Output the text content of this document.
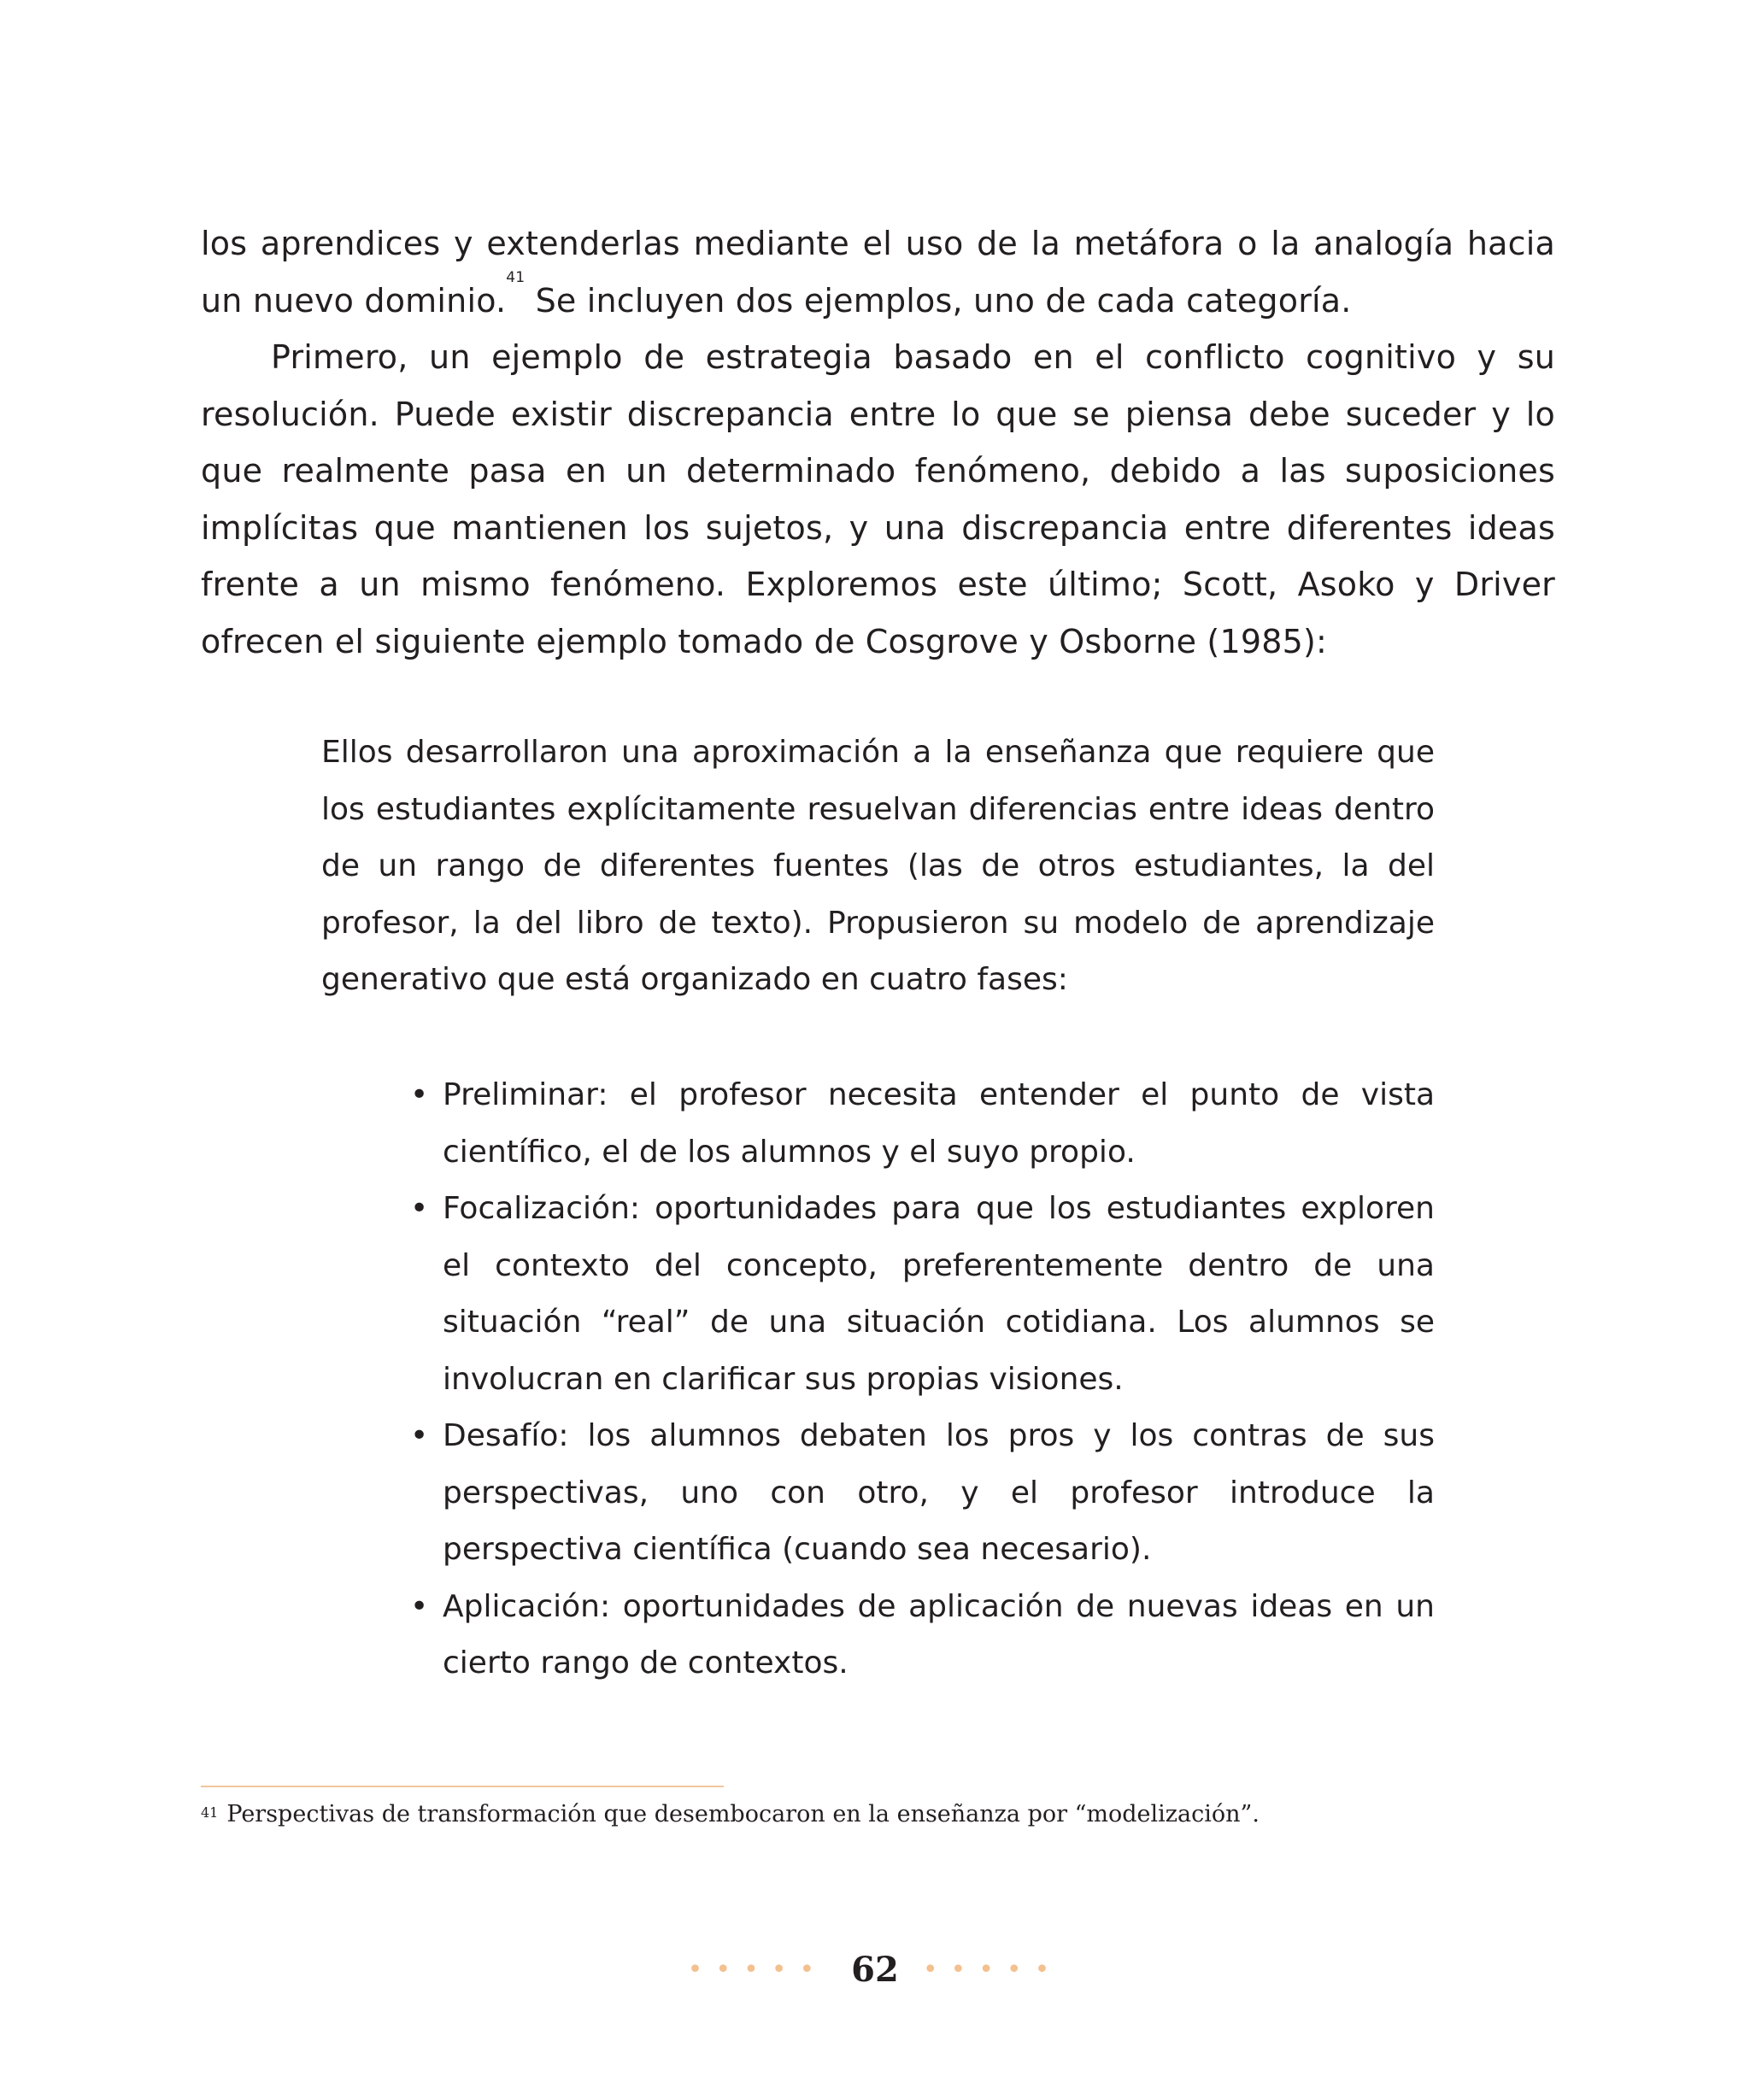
los aprendices y extenderlas mediante el uso de la metáfora o la analogía hacia un nuevo dominio.$^{41}$ Se incluyen dos ejemplos, uno de cada categoría.

Primero, un ejemplo de estrategia basado en el conflicto cognitivo y su resolución. Puede existir discrepancia entre lo que se piensa debe suceder y lo que realmente pasa en un determinado fenómeno, debido a las suposiciones implícitas que mantienen los sujetos, y una discrepancia entre diferentes ideas frente a un mismo fenómeno. Exploremos este último; Scott, Asoko y Driver ofrecen el siguiente ejemplo tomado de Cosgrove y Osborne (1985):

Ellos desarrollaron una aproximación a la enseñanza que requiere que los estudiantes explícitamente resuelvan diferencias entre ideas dentro de un rango de diferentes fuentes (las de otros estudiantes, la del profesor, la del libro de texto). Propusieron su modelo de aprendizaje generativo que está organizado en cuatro fases:

• Preliminar: el profesor necesita entender el punto de vista científico, el de los alumnos y el suyo propio.
• Focalización: oportunidades para que los estudiantes exploren el contexto del concepto, preferentemente dentro de una situación “real” de una situación cotidiana. Los alumnos se involucran en clarificar sus propias visiones.
• Desafío: los alumnos debaten los pros y los contras de sus perspectivas, uno con otro, y el profesor introduce la perspectiva científica (cuando sea necesario).
• Aplicación: oportunidades de aplicación de nuevas ideas en un cierto rango de contextos.
$^{41}$ Perspectivas de transformación que desembocaron en la enseñanza por “modelización”.
••••• 62 •••••
